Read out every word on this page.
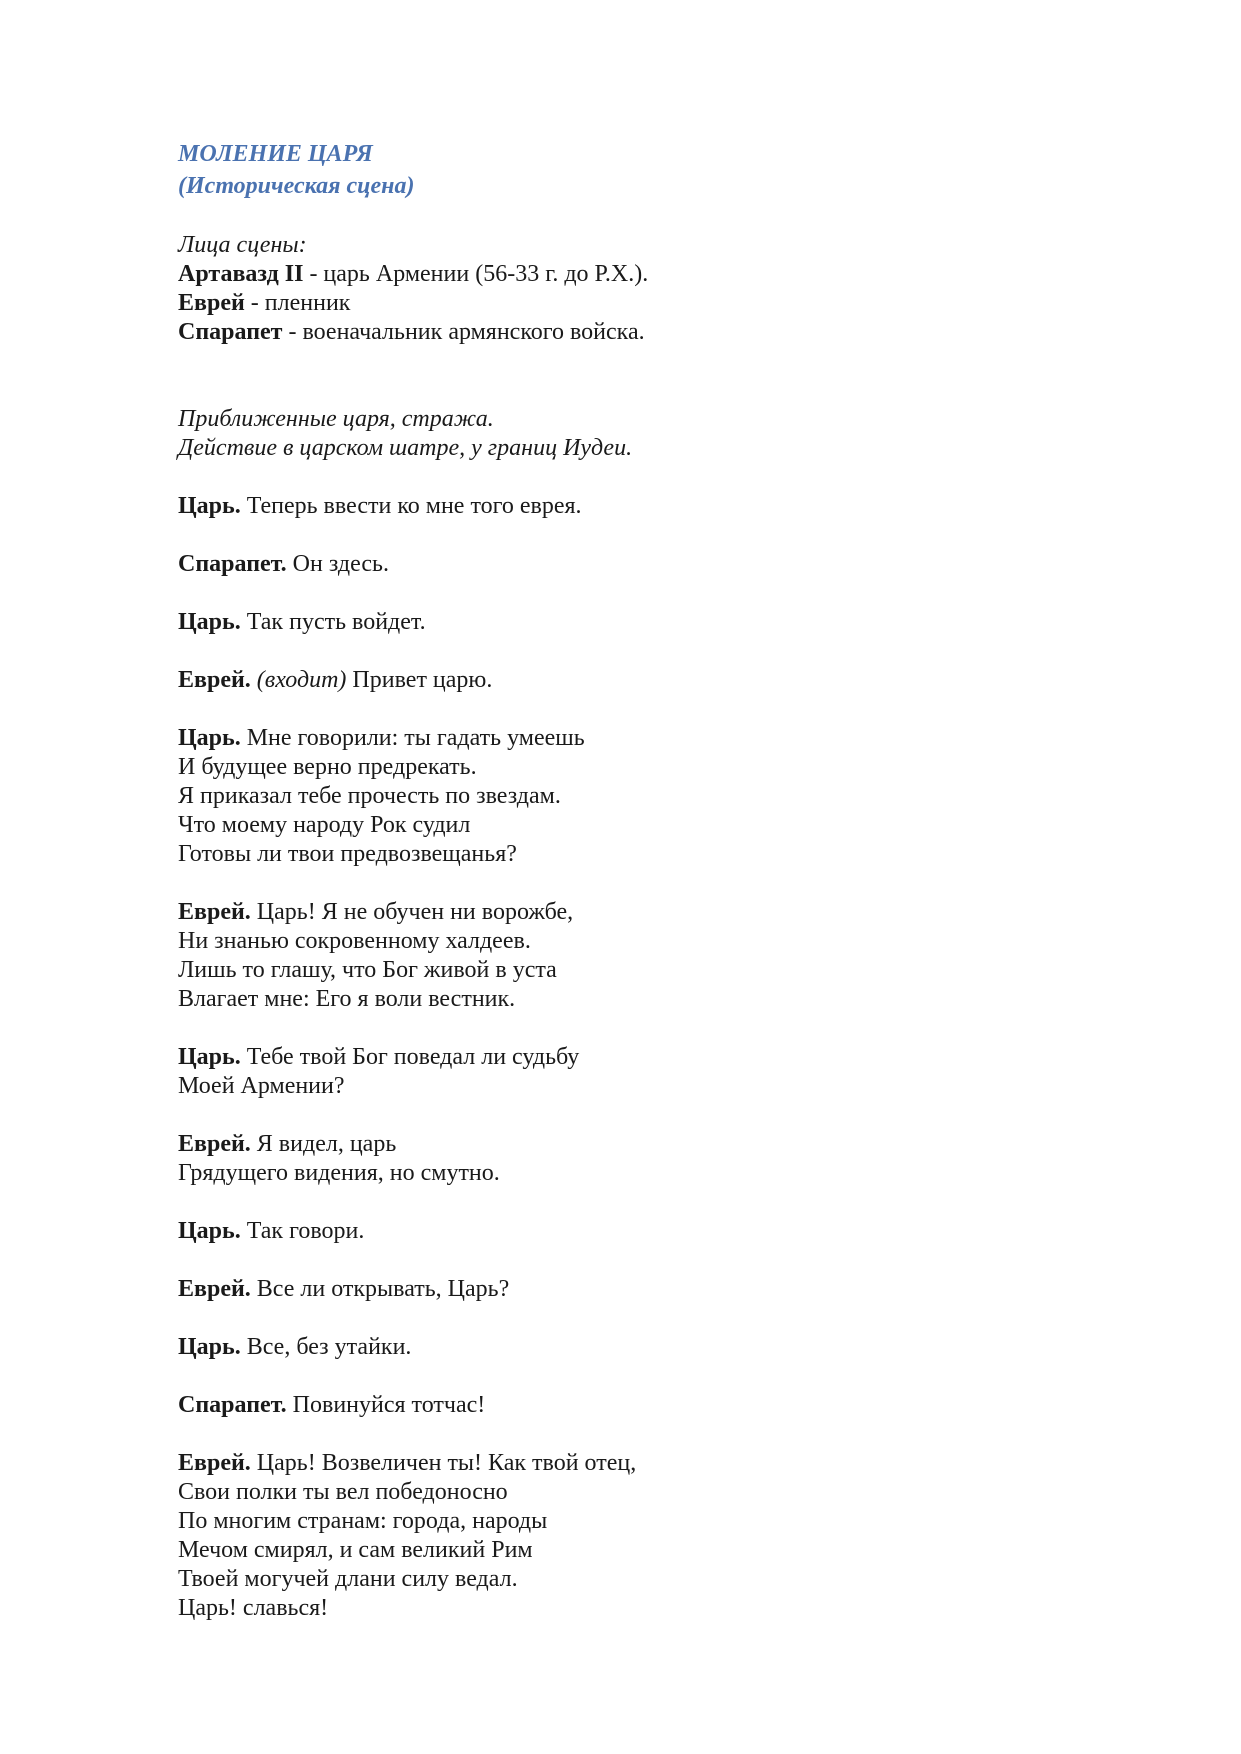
МОЛЕНИЕ ЦАРЯ

(Историческая сцена)

Лица сцены:

Артавазд II - царь Армении (56-33 г. до Р.Х.).

Еврей - пленник

Спарапет - военачальник армянского войска.

Приближенные царя, стража.

Действие в царском шатре, у границ Иудеи.

Царь. Теперь ввести ко мне того еврея.

Спарапет. Он здесь.

Царь. Так пусть войдет.

Еврей. (входит) Привет царю.

Царь. Мне говорили: ты гадать умеешь

И будущее верно предрекать.

Я приказал тебе прочесть по звездам.

Что моему народу Рок судил

Готовы ли твои предвозвещанья?

Еврей. Царь! Я не обучен ни ворожбе,

Ни знанью сокровенному халдеев.

Лишь то глашу, что Бог живой в уста

Влагает мне: Его я воли вестник.

Царь. Тебе твой Бог поведал ли судьбу

Моей Армении?

Еврей. Я видел, царь

Грядущего видения, но смутно.

Царь. Так говори.

Еврей. Все ли открывать, Царь?

Царь. Все, без утайки.

Спарапет. Повинуйся тотчас!

Еврей. Царь! Возвеличен ты! Как твой отец,

Свои полки ты вел победоносно

По многим странам: города, народы

Мечом смирял, и сам великий Рим

Твоей могучей длани силу ведал.

Царь! славься!
